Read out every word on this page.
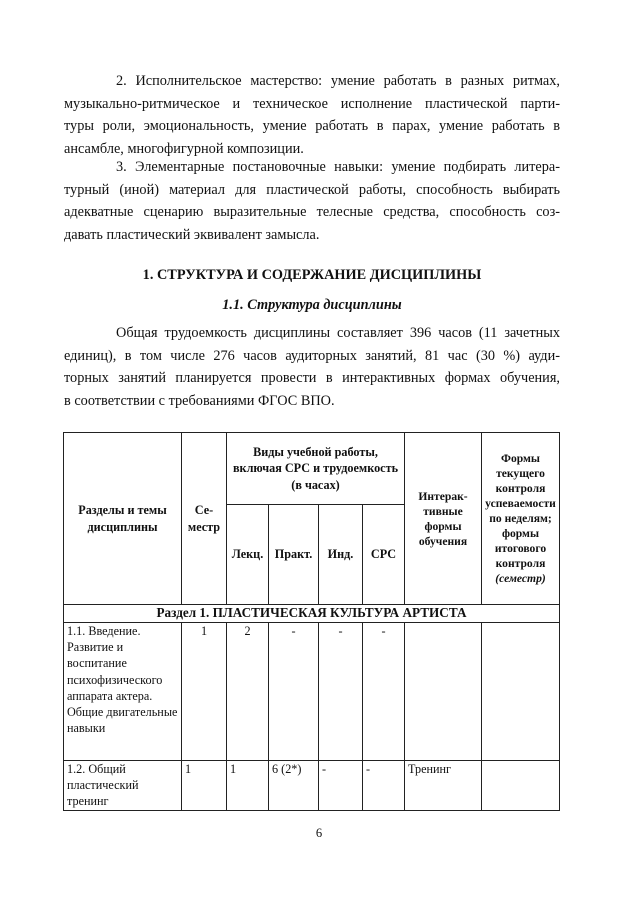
2. Исполнительское мастерство: умение работать в разных ритмах,
музыкально-ритмическое и техническое исполнение пластической парти-
туры роли, эмоциональность, умение работать в парах, умение работать в
ансамбле, многофигурной композиции.
3. Элементарные постановочные навыки: умение подбирать литера-
турный (иной) материал для пластической работы, способность выбирать
адекватные сценарию выразительные телесные средства, способность соз-
давать пластический эквивалент замысла.

1. СТРУКТУРА И СОДЕРЖАНИЕ ДИСЦИПЛИНЫ

1.1. Структура дисциплины

Общая трудоемкость дисциплины составляет 396 часов (11 зачетных
единиц), в том числе 276 часов аудиторных занятий, 81 час (30 %) ауди-
торных занятий планируется провести в интерактивных формах обучения,
в соответствии с требованиями ФГОС ВПО.
Разделы и темы дисциплины	Се-местр	Виды учебной работы, включая СРС и трудоемкость (в часах)				Интерак-тивные формы обучения	Формы текущего контроля успеваемости по неделям; формы итогового контроля
(семестр)
		Лекц.	Практ.	Инд.	СРС		
Раздел 1. ПЛАСТИЧЕСКАЯ КУЛЬТУРА АРТИСТА							
1.1. Введение. Развитие и воспитание психофизического аппарата актера. Общие двигательные навыки	1	2	-	-	-		
1.2. Общий пластический тренинг	1	1	6 (2*)	-	-	Тренинг	
6
